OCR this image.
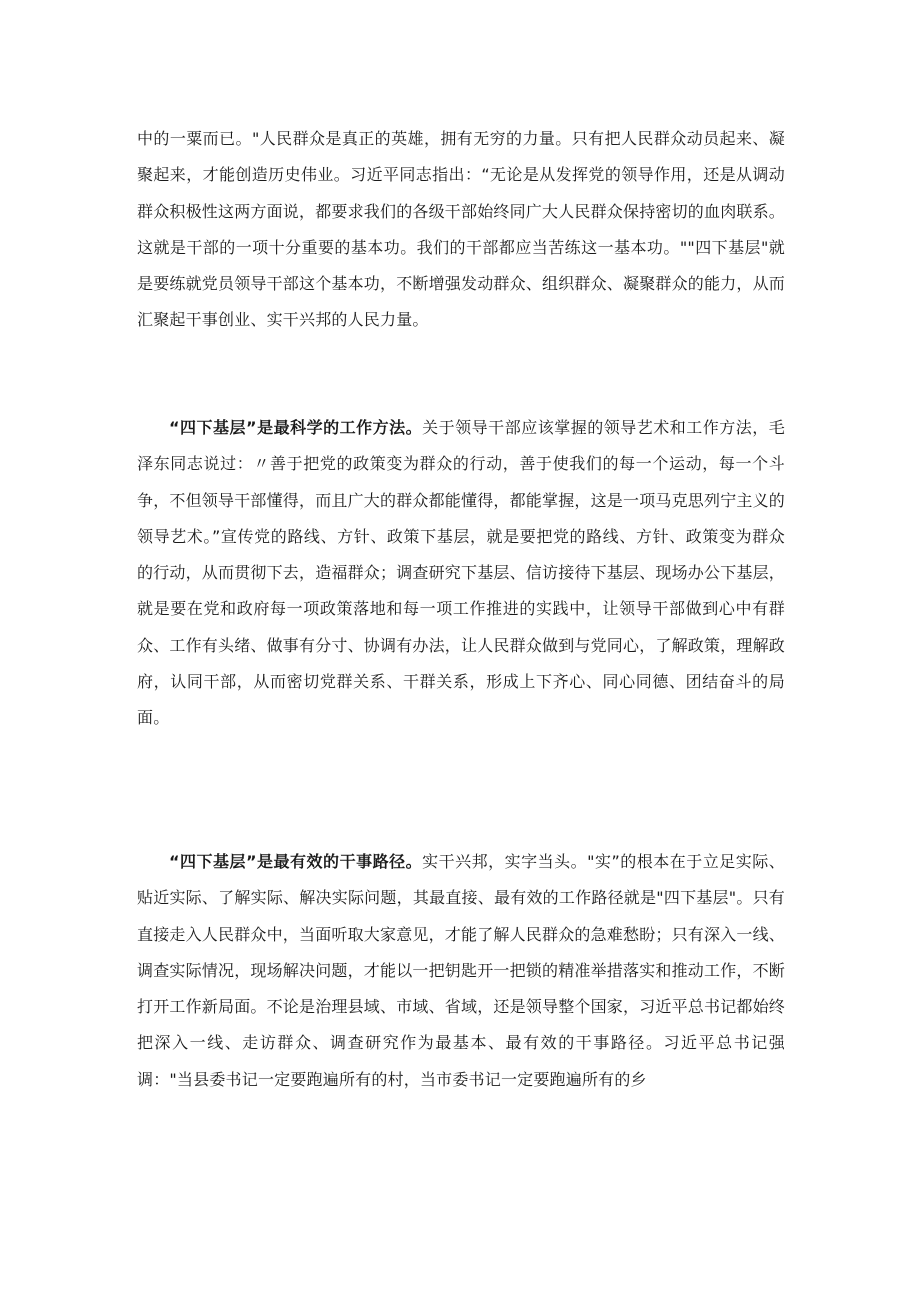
中的一粟而已。"人民群众是真正的英雄，拥有无穷的力量。只有把人民群众动员起来、凝聚起来，才能创造历史伟业。习近平同志指出：“无论是从发挥党的领导作用，还是从调动群众积极性这两方面说，都要求我们的各级干部始终同广大人民群众保持密切的血肉联系。这就是干部的一项十分重要的基本功。我们的干部都应当苦练这一基本功。""四下基层"就是要练就党员领导干部这个基本功，不断增强发动群众、组织群众、凝聚群众的能力，从而汇聚起干事创业、实干兴邦的人民力量。

“四下基层”是最科学的工作方法。关于领导干部应该掌握的领导艺术和工作方法，毛泽东同志说过：〃善于把党的政策变为群众的行动，善于使我们的每一个运动，每一个斗争，不但领导干部懂得，而且广大的群众都能懂得，都能掌握，这是一项马克思列宁主义的领导艺术。”宣传党的路线、方针、政策下基层，就是要把党的路线、方针、政策变为群众的行动，从而贯彻下去，造福群众；调查研究下基层、信访接待下基层、现场办公下基层，就是要在党和政府每一项政策落地和每一项工作推进的实践中，让领导干部做到心中有群众、工作有头绪、做事有分寸、协调有办法，让人民群众做到与党同心，了解政策，理解政府，认同干部，从而密切党群关系、干群关系，形成上下齐心、同心同德、团结奋斗的局面。

“四下基层”是最有效的干事路径。实干兴邦，实字当头。"实”的根本在于立足实际、贴近实际、了解实际、解决实际问题，其最直接、最有效的工作路径就是"四下基层"。只有直接走入人民群众中，当面听取大家意见，才能了解人民群众的急难愁盼；只有深入一线、调查实际情况，现场解决问题，才能以一把钥匙开一把锁的精准举措落实和推动工作，不断打开工作新局面。不论是治理县域、市域、省域，还是领导整个国家，习近平总书记都始终把深入一线、走访群众、调查研究作为最基本、最有效的干事路径。习近平总书记强调："当县委书记一定要跑遍所有的村，当市委书记一定要跑遍所有的乡
